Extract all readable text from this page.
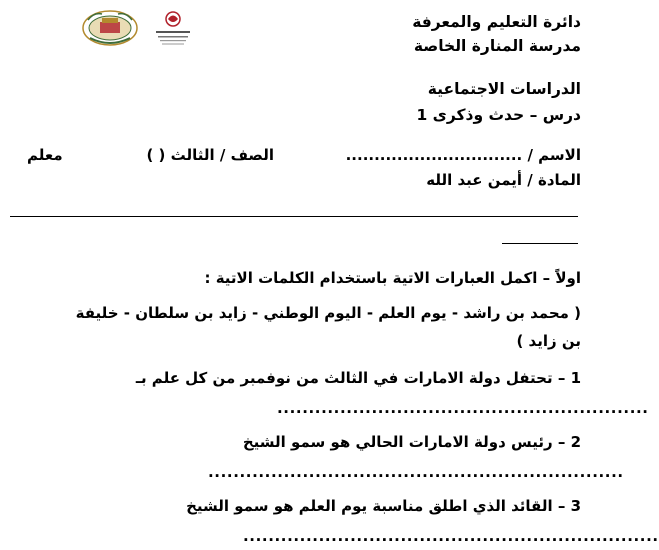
دائرة التعليم والمعرفة
مدرسة المنارة الخاصة
الدراسات الاجتماعية
درس – حدث وذكرى 1
الاسم / ...............................
الصف / الثالث ( )
معلم
المادة / أيمن عبد الله
اولاً – اكمل العبارات الاتية باستخدام الكلمات الاتية :
( محمد بن راشد - يوم العلم - اليوم الوطني - زايد بن سلطان - خليفة
بن زايد )
1 – تحتفل دولة الامارات في الثالث من نوفمبر من كل علم بـ
...........................................................
2 – رئيس دولة الامارات الحالي هو سمو الشيخ
..................................................................
3 – القائد الذي اطلق مناسبة يوم العلم هو سمو الشيخ
..................................................................
